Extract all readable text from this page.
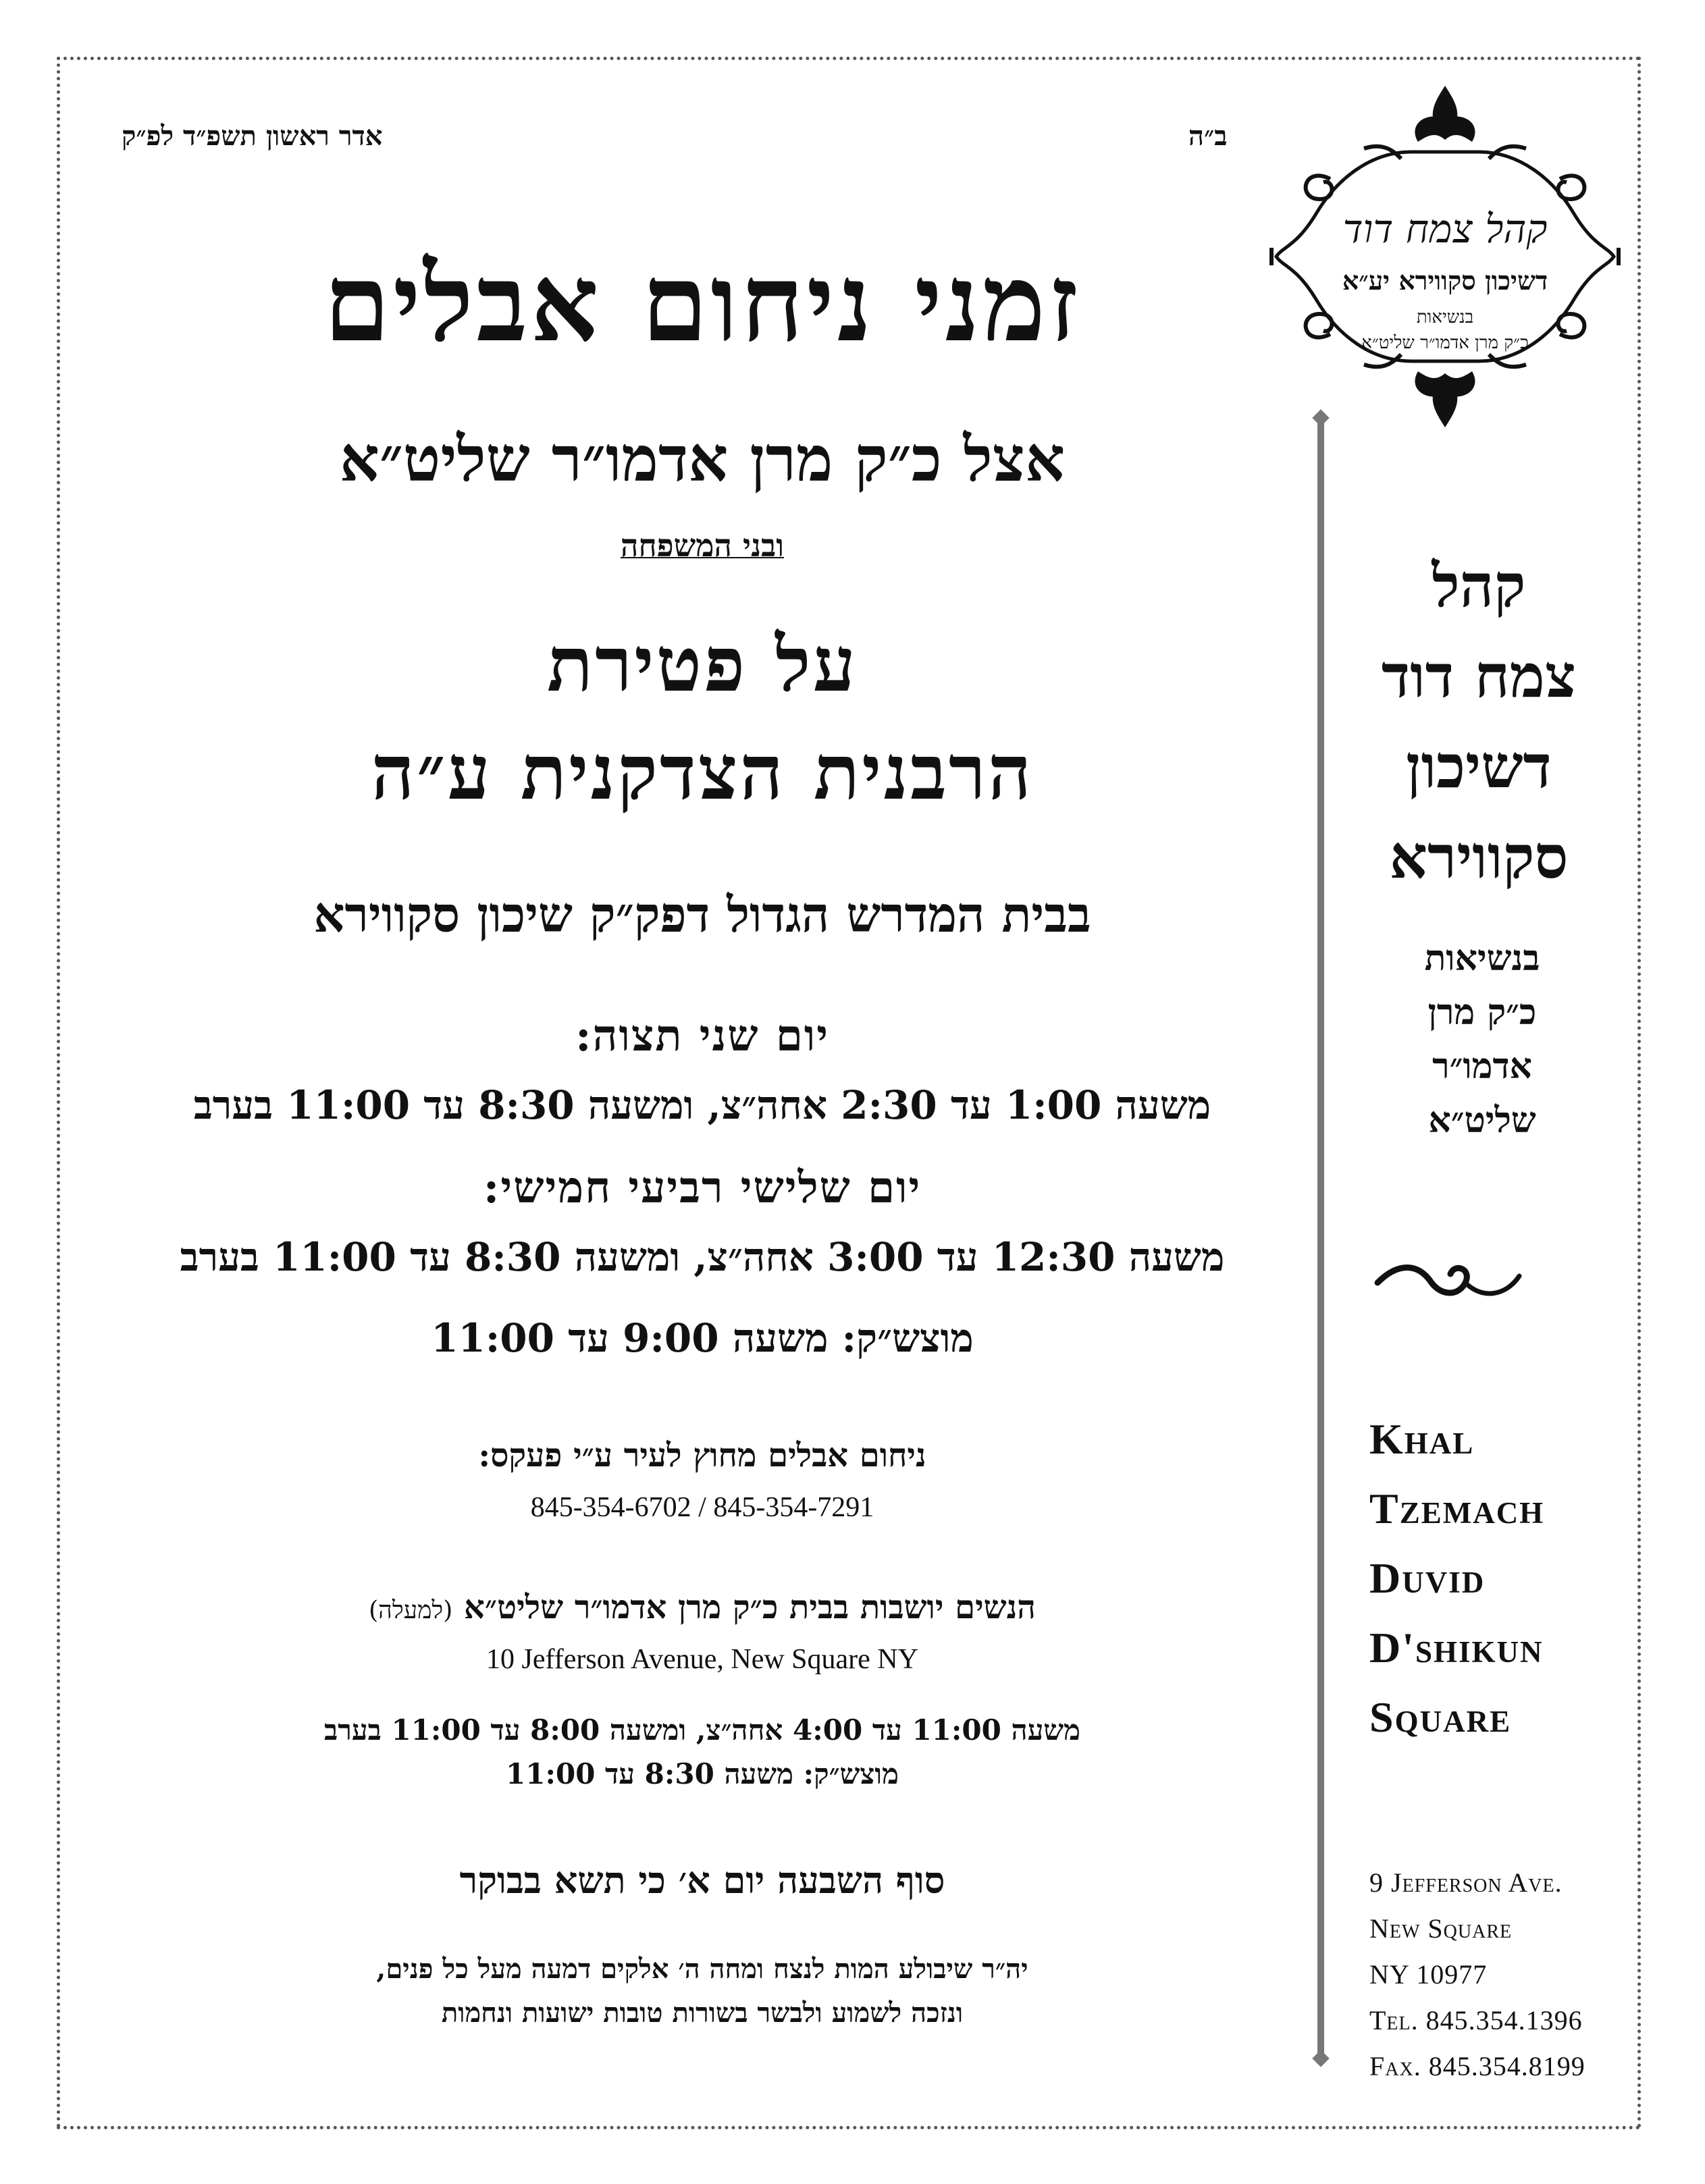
ב״ה
אדר ראשון תשפ״ד לפ״ק
זמני ניחום אבלים
אצל כ״ק מרן אדמו״ר שליט״א
ובני המשפחה
על פטירת
הרבנית הצדקנית ע״ה
בבית המדרש הגדול דפק״ק שיכון סקווירא
יום שני תצוה:
משעה 1:00 עד 2:30 אחה״צ, ומשעה 8:30 עד 11:00 בערב
יום שלישי רביעי חמישי:
משעה 12:30 עד 3:00 אחה״צ, ומשעה 8:30 עד 11:00 בערב
מוצש״ק: משעה 9:00 עד 11:00
ניחום אבלים מחוץ לעיר ע״י פעקס:
845-354-6702 / 845-354-7291
הנשים יושבות בבית כ״ק מרן אדמו״ר שליט״א (למעלה)
10 Jefferson Avenue, New Square NY
משעה 11:00 עד 4:00 אחה״צ, ומשעה 8:00 עד 11:00 בערב
מוצש״ק: משעה 8:30 עד 11:00
סוף השבעה יום א׳ כי תשא בבוקר
יה״ר שיבולע המות לנצח ומחה ה׳ אלקים דמעה מעל כל פנים,
ונזכה לשמוע ולבשר בשורות טובות ישועות ונחמות
קהל צמח דוד
דשיכון סקווירא יע״א
בנשיאות
כ״ק מרן אדמו״ר שליט״א
קהל
צמח דוד
דשיכון
סקווירא
בנשיאות
כ״ק מרן
אדמו״ר
שליט״א
Khal
Tzemach
Duvid
D'shikun
Square
9 Jefferson Ave.
New Square
NY 10977
Tel. 845.354.1396
Fax. 845.354.8199
